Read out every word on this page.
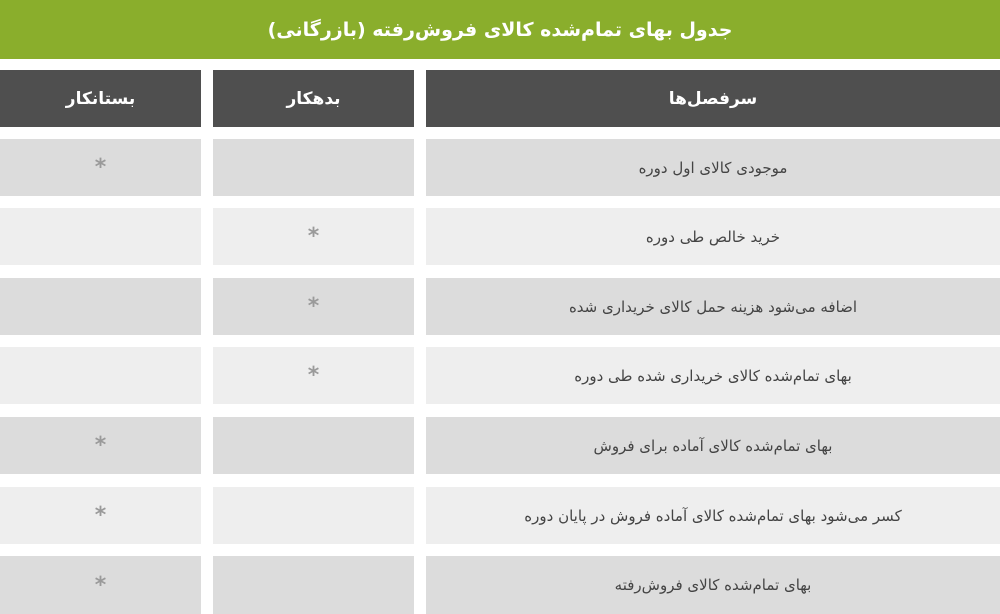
جدول بهای تمام‌شده کالای فروش‌رفته (بازرگانی)
سرفصل‌ها
بدهکار
بستانکار
موجودی کالای اول دوره
*
خرید خالص طی دوره
*
اضافه می‌شود هزینه حمل کالای خریداری شده
*
بهای تمام‌شده کالای خریداری شده طی دوره
*
بهای تمام‌شده کالای آماده برای فروش
*
کسر می‌شود بهای تمام‌شده کالای آماده فروش در پایان دوره
*
بهای تمام‌شده کالای فروش‌رفته
*
